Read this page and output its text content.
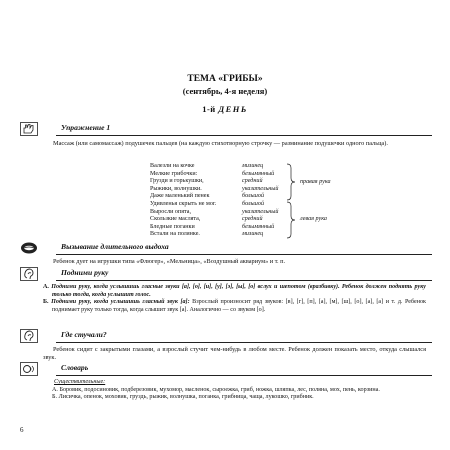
ТЕМА «ГРИБЫ»
(сентябрь, 4-я неделя)
1-й ДЕНЬ
Упражнение 1
Массаж (или самомассаж) подушечек пальцев (на каждую стихотворную строчку — разминание подушечки одного пальца).
Валезли на кочке	мизинец
Мелкие грибочки:	безымянный
Грузди и горькушки,	средний
Рыжики, волнушки.	указательный
Даже маленький пенек	большой
Удивленья скрыть не мог.	большой
Выросли опята,	указательный
Скользкие маслята,	средний
Бледные поганки	безымянный
Встали на полянке.	мизинец
правая рука
левая рука
Вызывание длительного выдоха
Ребенок дует на игрушки типа «Флюгер», «Мельница», «Воздушный аквариум» и т. п.
Подними руку
А. Подними руку, когда услышишь гласные звуки [а], [о], [и], [у], [э], [ы], [о] вслух и шепотом (вразбивку). Ребенок должен поднять руку только тогда, когда услышит голос.
Б. Подними руку, когда услышишь гласный звук [а]: Взрослый произносит ряд звуков: [в], [г], [п], [а], [м], [ш], [о], [а], [а] и т. д. Ребенок поднимает руку только тогда, когда слышит звук [а]. Аналогично — со звуком [о].
Где стучали?
Ребенок сидит с закрытыми глазами, а взрослый стучит чем-нибудь в любом месте. Ребенок должен показать место, откуда слышался звук.
Словарь
Существительные:
А. Боровик, подосиновик, подберезовик, мухомор, масленок, сыроежка, гриб, ножка, шляпка, лес, поляна, мох, пень, корзина.
Б. Лисичка, опенок, моховик, груздь, рыжик, волнушка, поганка, грибница, чаща, лукошко, грибник.
6
